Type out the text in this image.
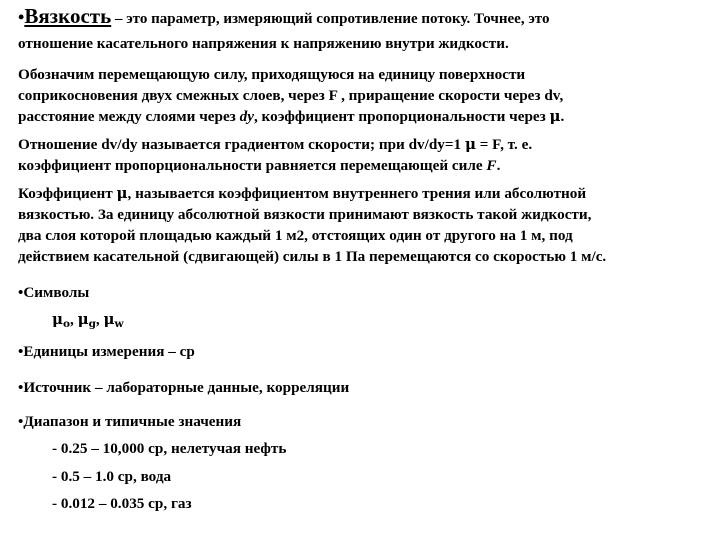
•Вязкость – это параметр, измеряющий сопротивление потоку. Точнее, это
отношение касательного напряжения к напряжению внутри жидкости.
Обозначим перемещающую силу, приходящуюся на единицу поверхности
соприкосновения двух смежных слоев, через F , приращение скорости через dv,
расстояние между слоями через dy, коэффициент пропорциональности через μ.
Отношение dv/dy называется градиентом скорости; при dv/dy=1 μ = F, т. е.
коэффициент пропорциональности равняется перемещающей силе F.
Коэффициент μ, называется коэффициентом внутреннего трения или абсолютной
вязкостью. За единицу абсолютной вязкости принимают вязкость такой жидкости,
два слоя которой площадью каждый 1 м2, отстоящих один от другого на 1 м, под
действием касательной (сдвигающей) силы в 1 Па перемещаются со скоростью 1 м/с.
•Символы
$\mu_o$, $\mu_g$, $\mu_w$
•Единицы измерения – cp
•Источник – лабораторные данные, корреляции
•Диапазон и типичные значения
- 0.25 – 10,000 cp, нелетучая нефть
- 0.5 – 1.0 cp, вода
- 0.012 – 0.035 cp, газ
